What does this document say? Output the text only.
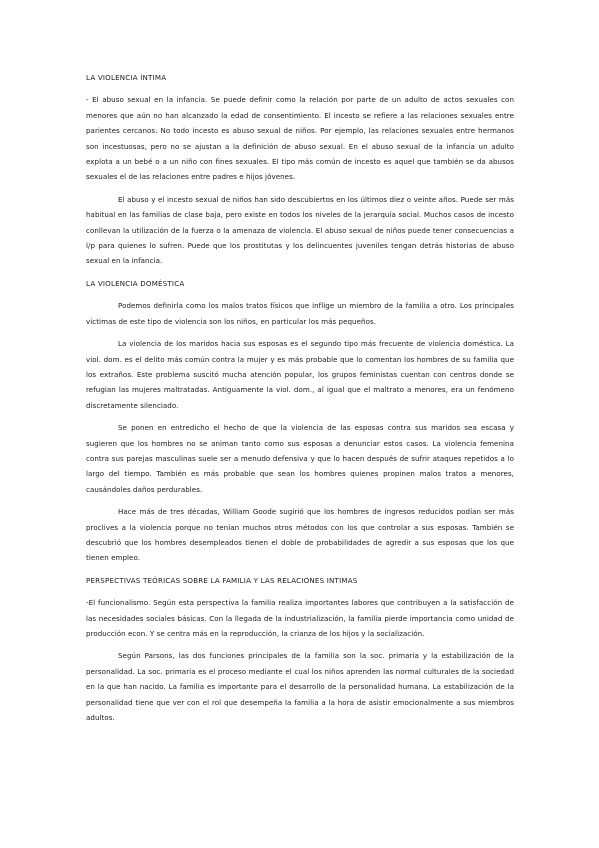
LA VIOLENCIA ÍNTIMA

- El abuso sexual en la infancia. Se puede definir como la relación por parte de un adulto de actos sexuales con menores que aún no han alcanzado la edad de consentimiento. El incesto se refiere a las relaciones sexuales entre parientes cercanos. No todo incesto es abuso sexual de niños. Por ejemplo, las relaciones sexuales entre hermanos son incestuosas, pero no se ajustan a la definición de abuso sexual. En el abuso sexual de la infancia un adulto explota a un bebé o a un niño con fines sexuales. El tipo más común de incesto es aquel que también se da abusos sexuales el de las relaciones entre padres e hijos jóvenes.

El abuso y el incesto sexual de niños han sido descubiertos en los últimos diez o veinte años. Puede ser más habitual en las familias de clase baja, pero existe en todos los niveles de la jerarquía social. Muchos casos de incesto conllevan la utilización de la fuerza o la amenaza de violencia. El abuso sexual de niños puede tener consecuencias a l/p para quienes lo sufren. Puede que los prostitutas y los delincuentes juveniles tengan detrás historias de abuso sexual en la infancia.

LA VIOLENCIA DOMÉSTICA

Podemos definirla como los malos tratos físicos que inflige un miembro de la familia a otro. Los principales víctimas de este tipo de violencia son los niños, en particular los más pequeños.

La violencia de los maridos hacia sus esposas es el segundo tipo más frecuente de violencia doméstica. La viol. dom. es el delito más común contra la mujer y es más probable que lo comentan los hombres de su familia que los extraños. Este problema suscitó mucha atención popular, los grupos feministas cuentan con centros donde se refugian las mujeres maltratadas. Antiguamente la viol. dom., al igual que el maltrato a menores, era un fenómeno discretamente silenciado.

Se ponen en entredicho el hecho de que la violencia de las esposas contra sus maridos sea escasa y sugieren que los hombres no se animan tanto como sus esposas a denunciar estos casos. La violencia femenina contra sus parejas masculinas suele ser a menudo defensiva y que lo hacen después de sufrir ataques repetidos a lo largo del tiempo. También es más probable que sean los hombres quienes propinen malos tratos a menores, causándoles daños perdurables.

Hace más de tres décadas, William Goode sugirió que los hombres de ingresos reducidos podían ser más proclives a la violencia porque no tenían muchos otros métodos con los que controlar a sus esposas. También se descubrió que los hombres desempleados tienen el doble de probabilidades de agredir a sus esposas que los que tienen empleo.

PERSPECTIVAS TEÓRICAS SOBRE LA FAMILIA Y LAS RELACIONES INTIMAS

-El funcionalismo. Según esta perspectiva la familia realiza importantes labores que contribuyen a la satisfacción de las necesidades sociales básicas. Con la llegada de la industrialización, la familia pierde importancia como unidad de producción econ. Y se centra más en la reproducción, la crianza de los hijos y la socialización.

Según Parsons, las dos funciones principales de la familia son la soc. primaria y la estabilización de la personalidad. La soc. primaria es el proceso mediante el cual los niños aprenden las normal culturales de la sociedad en la que han nacido. La familia es importante para el desarrollo de la personalidad humana. La estabilización de la personalidad tiene que ver con el rol que desempeña la familia a la hora de asistir emocionalmente a sus miembros adultos.
